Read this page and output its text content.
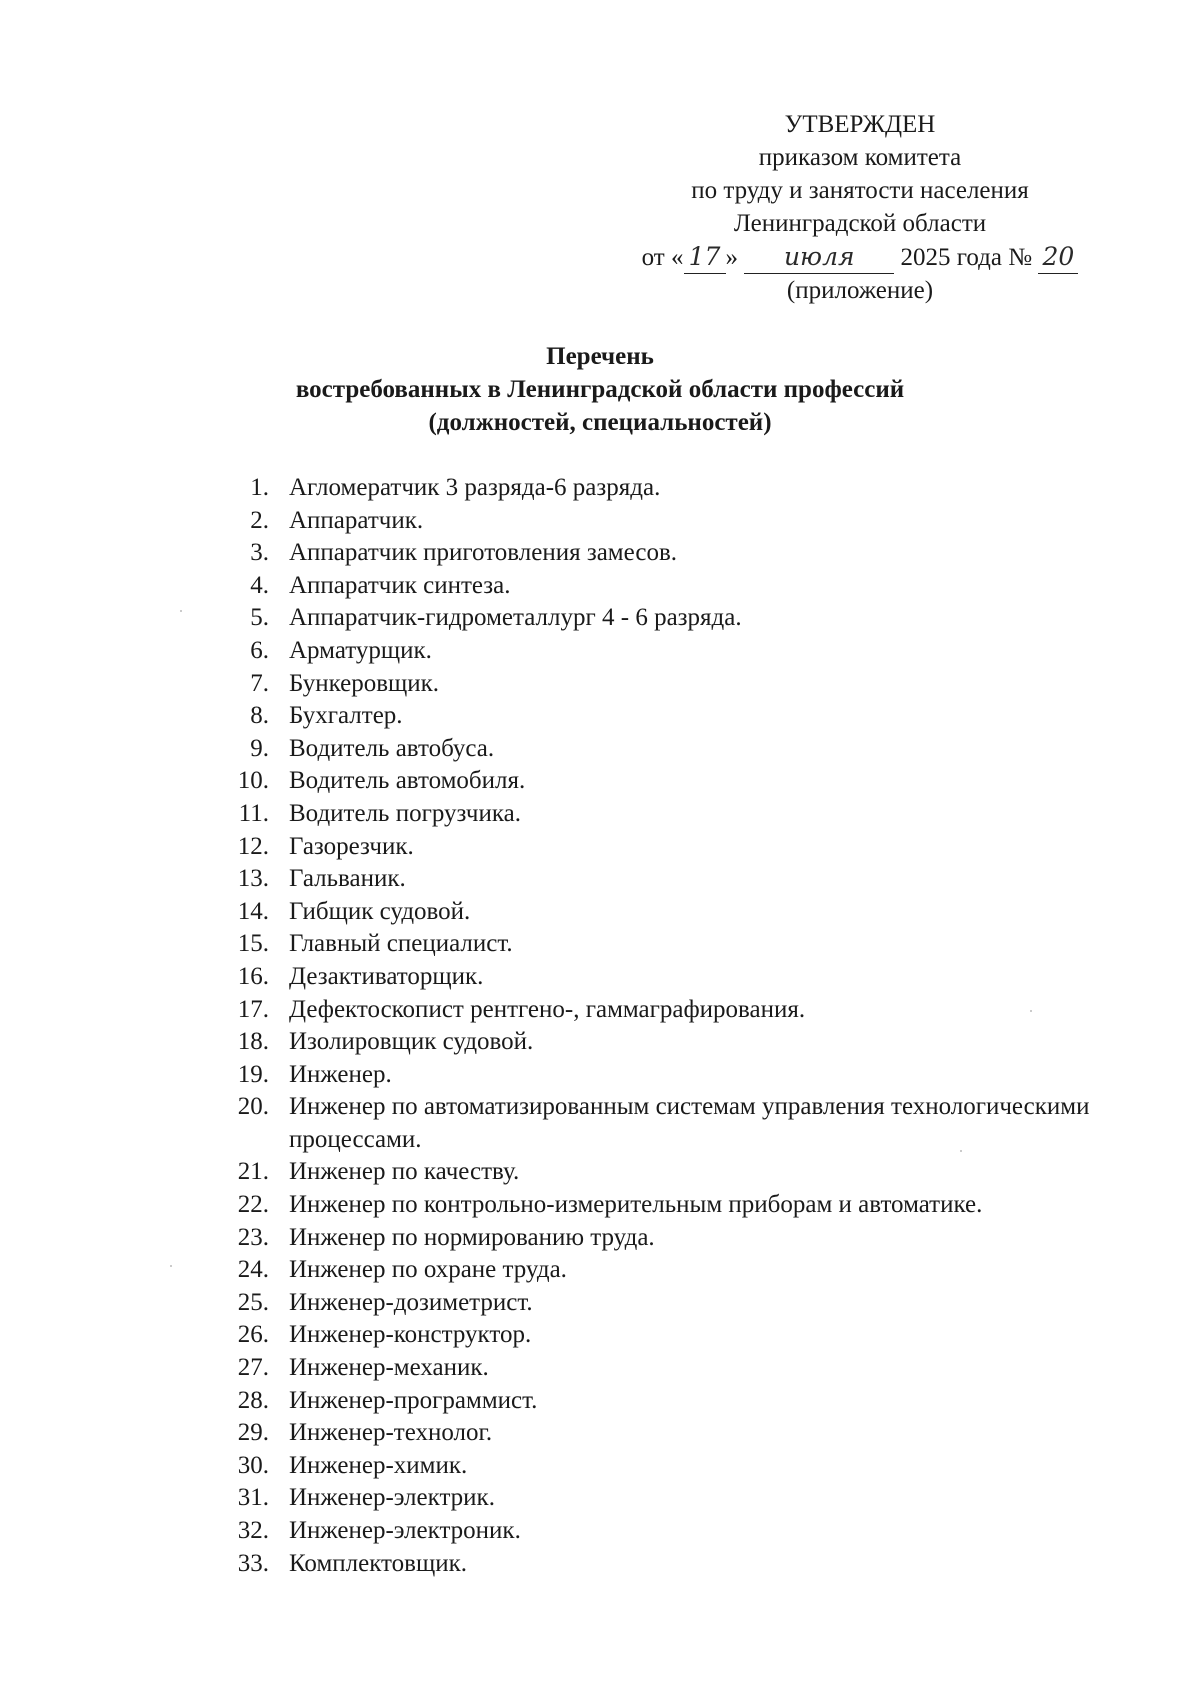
УТВЕРЖДЕН
приказом комитета
по труду и занятости населения
Ленинградской области
от « 17 » июля 2025 года № 20
(приложение)
Перечень
востребованных в Ленинградской области профессий
(должностей, специальностей)
1. Агломератчик 3 разряда-6 разряда.
2. Аппаратчик.
3. Аппаратчик приготовления замесов.
4. Аппаратчик синтеза.
5. Аппаратчик-гидрометаллург 4 - 6 разряда.
6. Арматурщик.
7. Бункеровщик.
8. Бухгалтер.
9. Водитель автобуса.
10. Водитель автомобиля.
11. Водитель погрузчика.
12. Газорезчик.
13. Гальваник.
14. Гибщик судовой.
15. Главный специалист.
16. Дезактиваторщик.
17. Дефектоскопист рентгено-, гаммаграфирования.
18. Изолировщик судовой.
19. Инженер.
20. Инженер по автоматизированным системам управления технологическими процессами.
21. Инженер по качеству.
22. Инженер по контрольно-измерительным приборам и автоматике.
23. Инженер по нормированию труда.
24. Инженер по охране труда.
25. Инженер-дозиметрист.
26. Инженер-конструктор.
27. Инженер-механик.
28. Инженер-программист.
29. Инженер-технолог.
30. Инженер-химик.
31. Инженер-электрик.
32. Инженер-электроник.
33. Комплектовщик.
